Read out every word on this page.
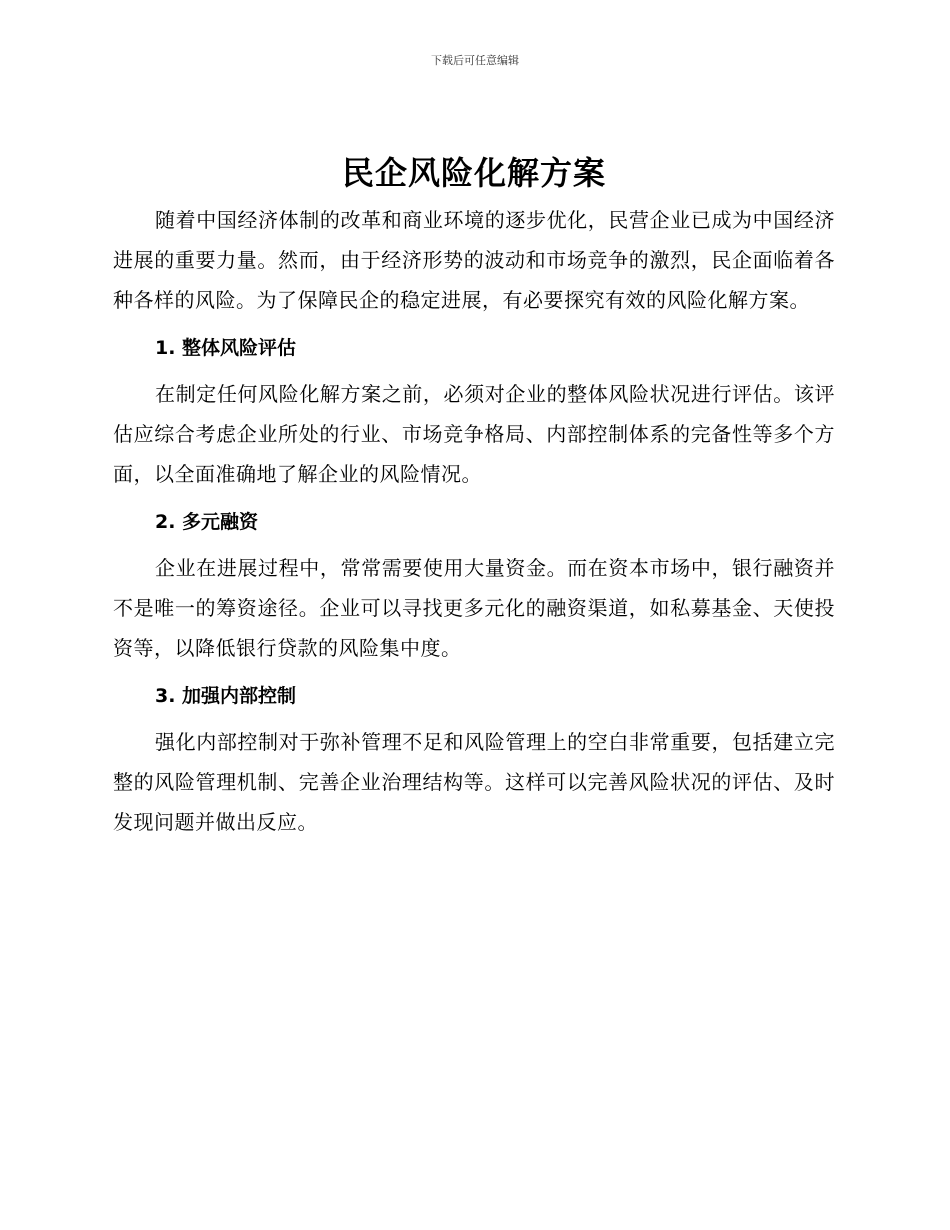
下载后可任意编辑
民企风险化解方案

随着中国经济体制的改革和商业环境的逐步优化，民营企业已成为中国经济进展的重要力量。然而，由于经济形势的波动和市场竞争的激烈，民企面临着各种各样的风险。为了保障民企的稳定进展，有必要探究有效的风险化解方案。

1. 整体风险评估

在制定任何风险化解方案之前，必须对企业的整体风险状况进行评估。该评估应综合考虑企业所处的行业、市场竞争格局、内部控制体系的完备性等多个方面，以全面准确地了解企业的风险情况。

2. 多元融资

企业在进展过程中，常常需要使用大量资金。而在资本市场中，银行融资并不是唯一的筹资途径。企业可以寻找更多元化的融资渠道，如私募基金、天使投资等，以降低银行贷款的风险集中度。

3. 加强内部控制

强化内部控制对于弥补管理不足和风险管理上的空白非常重要，包括建立完整的风险管理机制、完善企业治理结构等。这样可以完善风险状况的评估、及时发现问题并做出反应。
